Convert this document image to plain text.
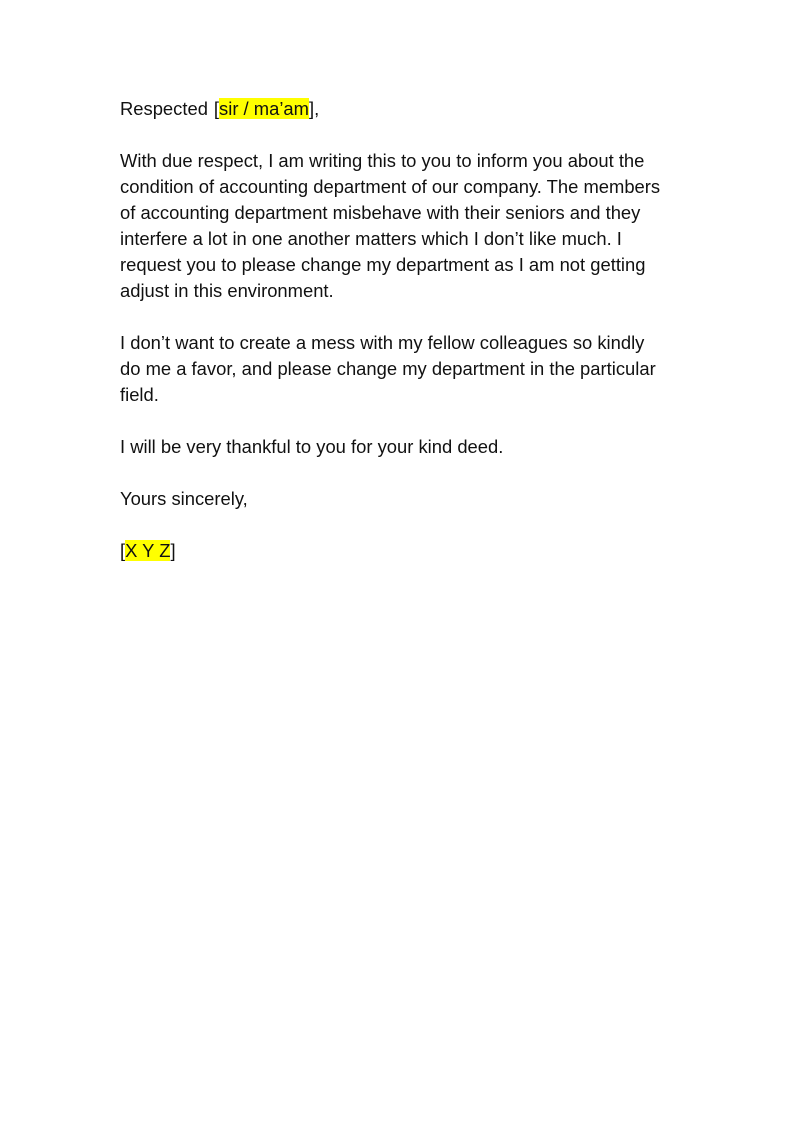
Respected [sir / ma’am],

With due respect, I am writing this to you to inform you about the condition of accounting department of our company. The members of accounting department misbehave with their seniors and they interfere a lot in one another matters which I don’t like much. I request you to please change my department as I am not getting adjust in this environment.

I don’t want to create a mess with my fellow colleagues so kindly do me a favor, and please change my department in the particular field.

I will be very thankful to you for your kind deed.

Yours sincerely,

[X Y Z]
